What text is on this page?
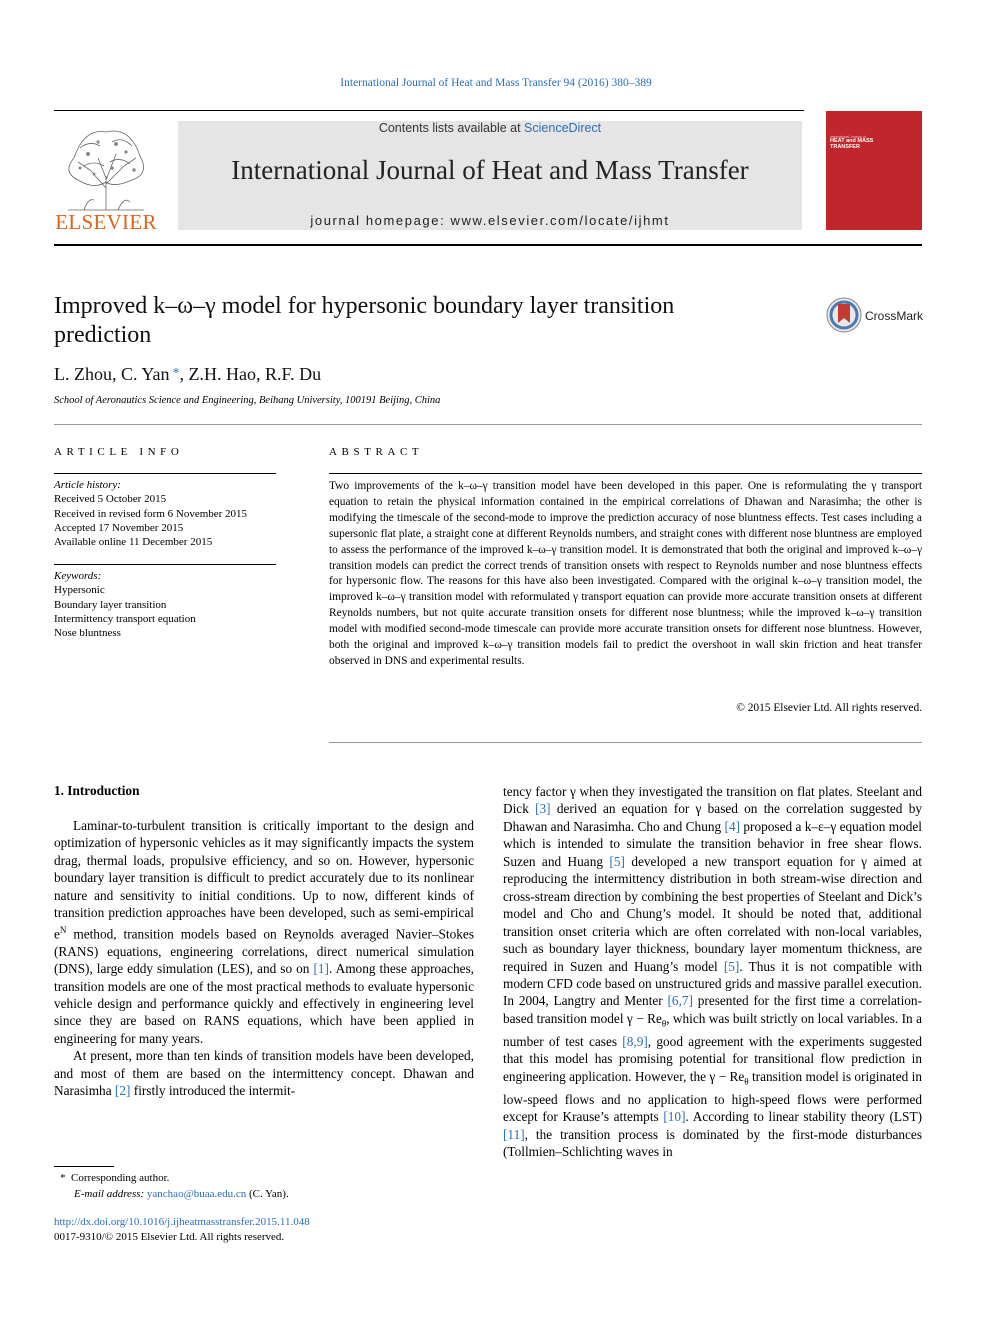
International Journal of Heat and Mass Transfer 94 (2016) 380–389
ELSEVIER
Contents lists available at ScienceDirect
International Journal of Heat and Mass Transfer
journal homepage: www.elsevier.com/locate/ijhmt
International Journal of
HEAT and MASS
TRANSFER
Improved k–ω–γ model for hypersonic boundary layer transition prediction
CrossMark
L. Zhou, C. Yan *, Z.H. Hao, R.F. Du
School of Aeronautics Science and Engineering, Beihang University, 100191 Beijing, China
ARTICLE INFO
Article history:
Received 5 October 2015
Received in revised form 6 November 2015
Accepted 17 November 2015
Available online 11 December 2015
Keywords:
Hypersonic
Boundary layer transition
Intermittency transport equation
Nose bluntness
ABSTRACT
Two improvements of the k–ω–γ transition model have been developed in this paper. One is reformulating the γ transport equation to retain the physical information contained in the empirical correlations of Dhawan and Narasimha; the other is modifying the timescale of the second-mode to improve the prediction accuracy of nose bluntness effects. Test cases including a supersonic flat plate, a straight cone at different Reynolds numbers, and straight cones with different nose bluntness are employed to assess the performance of the improved k–ω–γ transition model. It is demonstrated that both the original and improved k–ω–γ transition models can predict the correct trends of transition onsets with respect to Reynolds number and nose bluntness effects for hypersonic flow. The reasons for this have also been investigated. Compared with the original k–ω–γ transition model, the improved k–ω–γ transition model with reformulated γ transport equation can provide more accurate transition onsets at different Reynolds numbers, but not quite accurate transition onsets for different nose bluntness; while the improved k–ω–γ transition model with modified second-mode timescale can provide more accurate transition onsets for different nose bluntness. However, both the original and improved k–ω–γ transition models fail to predict the overshoot in wall skin friction and heat transfer observed in DNS and experimental results.
© 2015 Elsevier Ltd. All rights reserved.
1. Introduction

Laminar-to-turbulent transition is critically important to the design and optimization of hypersonic vehicles as it may significantly impacts the system drag, thermal loads, propulsive efficiency, and so on. However, hypersonic boundary layer transition is difficult to predict accurately due to its nonlinear nature and sensitivity to initial conditions. Up to now, different kinds of transition prediction approaches have been developed, such as semi-empirical $e^N$ method, transition models based on Reynolds averaged Navier–Stokes (RANS) equations, engineering correlations, direct numerical simulation (DNS), large eddy simulation (LES), and so on [1]. Among these approaches, transition models are one of the most practical methods to evaluate hypersonic vehicle design and performance quickly and effectively in engineering level since they are based on RANS equations, which have been applied in engineering for many years.

At present, more than ten kinds of transition models have been developed, and most of them are based on the intermittency concept. Dhawan and Narasimha [2] firstly introduced the intermit-

tency factor γ when they investigated the transition on flat plates. Steelant and Dick [3] derived an equation for γ based on the correlation suggested by Dhawan and Narasimha. Cho and Chung [4] proposed a k–ε–γ equation model which is intended to simulate the transition behavior in free shear flows. Suzen and Huang [5] developed a new transport equation for γ aimed at reproducing the intermittency distribution in both stream-wise direction and cross-stream direction by combining the best properties of Steelant and Dick’s model and Cho and Chung’s model. It should be noted that, additional transition onset criteria which are often correlated with non-local variables, such as boundary layer thickness, boundary layer momentum thickness, are required in Suzen and Huang’s model [5]. Thus it is not compatible with modern CFD code based on unstructured grids and massive parallel execution. In 2004, Langtry and Menter [6,7] presented for the first time a correlation-based transition model $\gamma - Re_\theta$, which was built strictly on local variables. In a number of test cases [8,9], good agreement with the experiments suggested that this model has promising potential for transitional flow prediction in engineering application. However, the $\gamma - Re_\theta$ transition model is originated in low-speed flows and no application to high-speed flows were performed except for Krause’s attempts [10]. According to linear stability theory (LST) [11], the transition process is dominated by the first-mode disturbances (Tollmien–Schlichting waves in

* Corresponding author.
E-mail address: yanchao@buaa.edu.cn (C. Yan).
http://dx.doi.org/10.1016/j.ijheatmasstransfer.2015.11.048
0017-9310/© 2015 Elsevier Ltd. All rights reserved.
